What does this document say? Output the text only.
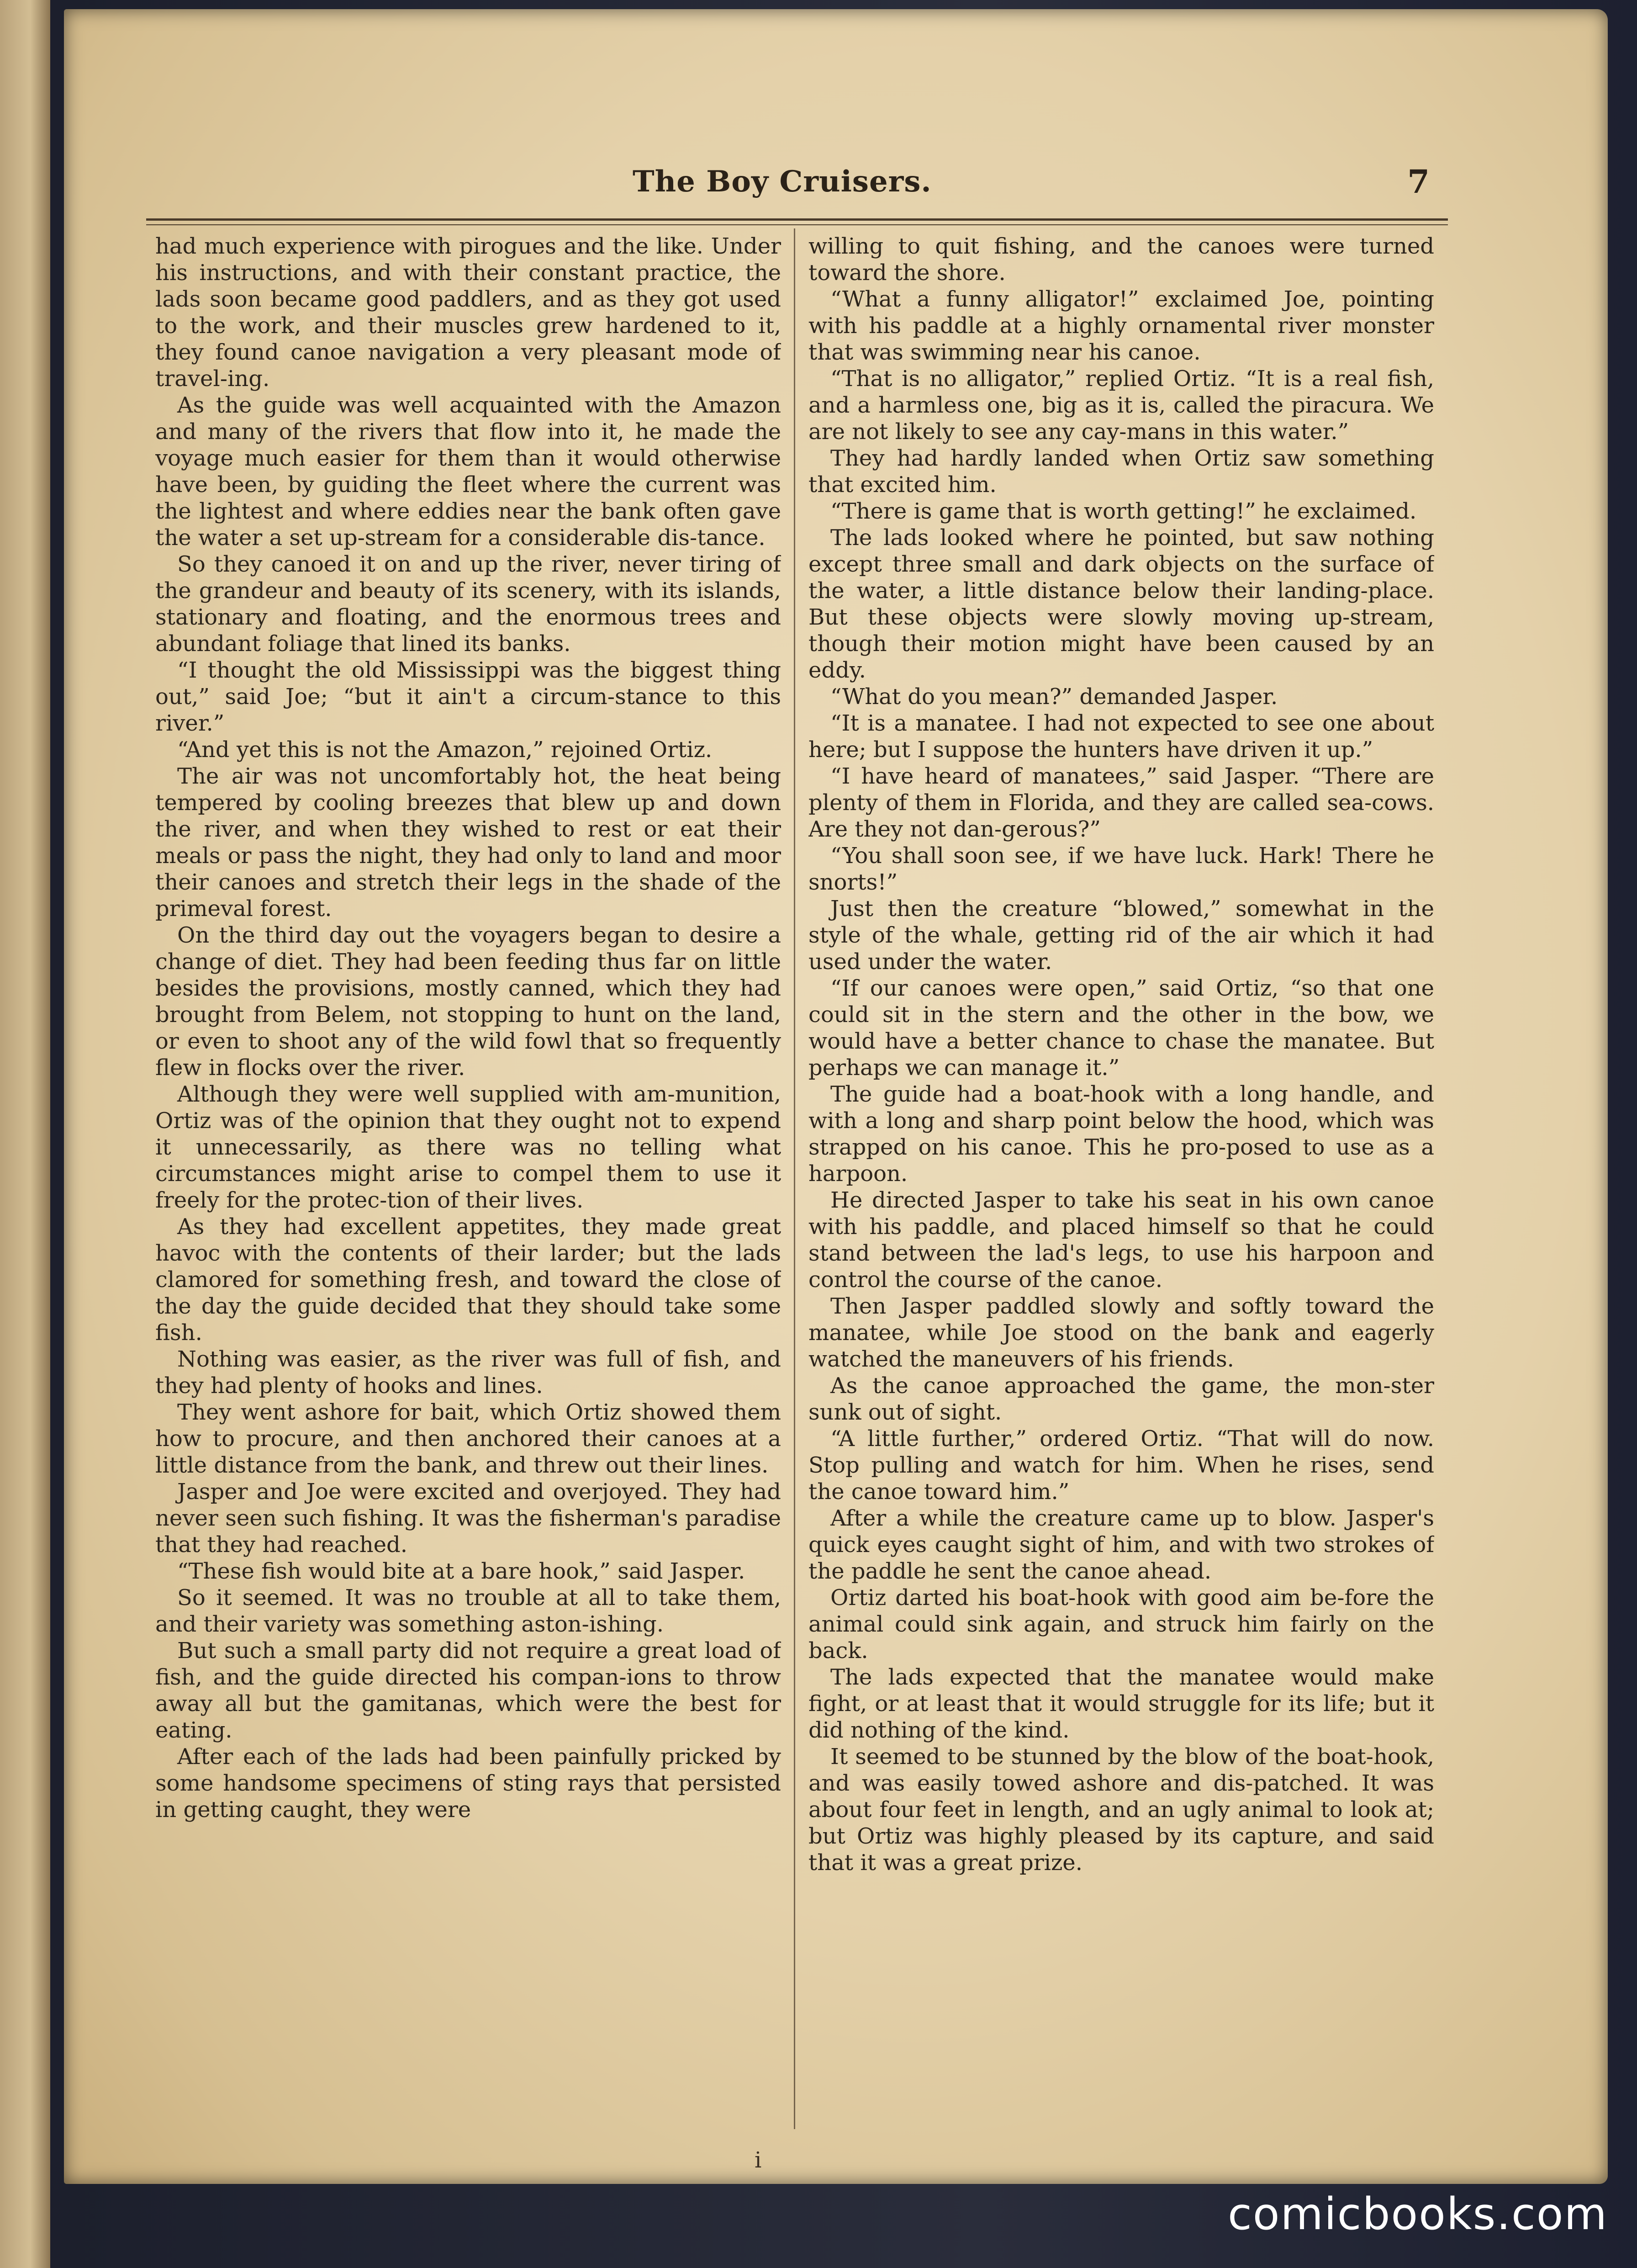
The Boy Cruisers.	7

had much experience with pirogues and the like. Under his instructions, and with their constant practice, the lads soon became good paddlers, and as they got used to the work, and their muscles grew hardened to it, they found canoe navigation a very pleasant mode of travel-ing.

As the guide was well acquainted with the Amazon and many of the rivers that flow into it, he made the voyage much easier for them than it would otherwise have been, by guiding the fleet where the current was the lightest and where eddies near the bank often gave the water a set up-stream for a considerable dis-tance.

So they canoed it on and up the river, never tiring of the grandeur and beauty of its scenery, with its islands, stationary and floating, and the enormous trees and abundant foliage that lined its banks.

“I thought the old Mississippi was the biggest thing out,” said Joe; “but it ain't a circum-stance to this river.”

“And yet this is not the Amazon,” rejoined Ortiz.

The air was not uncomfortably hot, the heat being tempered by cooling breezes that blew up and down the river, and when they wished to rest or eat their meals or pass the night, they had only to land and moor their canoes and stretch their legs in the shade of the primeval forest.

On the third day out the voyagers began to desire a change of diet. They had been feeding thus far on little besides the provisions, mostly canned, which they had brought from Belem, not stopping to hunt on the land, or even to shoot any of the wild fowl that so frequently flew in flocks over the river.

Although they were well supplied with am-munition, Ortiz was of the opinion that they ought not to expend it unnecessarily, as there was no telling what circumstances might arise to compel them to use it freely for the protec-tion of their lives.

As they had excellent appetites, they made great havoc with the contents of their larder; but the lads clamored for something fresh, and toward the close of the day the guide decided that they should take some fish.

Nothing was easier, as the river was full of fish, and they had plenty of hooks and lines.

They went ashore for bait, which Ortiz showed them how to procure, and then anchored their canoes at a little distance from the bank, and threw out their lines.

Jasper and Joe were excited and overjoyed. They had never seen such fishing. It was the fisherman's paradise that they had reached.

“These fish would bite at a bare hook,” said Jasper.

So it seemed. It was no trouble at all to take them, and their variety was something aston-ishing.

But such a small party did not require a great load of fish, and the guide directed his compan-ions to throw away all but the gamitanas, which were the best for eating.

After each of the lads had been painfully pricked by some handsome specimens of sting rays that persisted in getting caught, they were

willing to quit fishing, and the canoes were turned toward the shore.

“What a funny alligator!” exclaimed Joe, pointing with his paddle at a highly ornamental river monster that was swimming near his canoe.

“That is no alligator,” replied Ortiz. “It is a real fish, and a harmless one, big as it is, called the piracura. We are not likely to see any cay-mans in this water.”

They had hardly landed when Ortiz saw something that excited him.

“There is game that is worth getting!” he exclaimed.

The lads looked where he pointed, but saw nothing except three small and dark objects on the surface of the water, a little distance below their landing-place. But these objects were slowly moving up-stream, though their motion might have been caused by an eddy.

“What do you mean?” demanded Jasper.

“It is a manatee. I had not expected to see one about here; but I suppose the hunters have driven it up.”

“I have heard of manatees,” said Jasper. “There are plenty of them in Florida, and they are called sea-cows. Are they not dan-gerous?”

“You shall soon see, if we have luck. Hark! There he snorts!”

Just then the creature “blowed,” somewhat in the style of the whale, getting rid of the air which it had used under the water.

“If our canoes were open,” said Ortiz, “so that one could sit in the stern and the other in the bow, we would have a better chance to chase the manatee. But perhaps we can manage it.”

The guide had a boat-hook with a long handle, and with a long and sharp point below the hood, which was strapped on his canoe. This he pro-posed to use as a harpoon.

He directed Jasper to take his seat in his own canoe with his paddle, and placed himself so that he could stand between the lad's legs, to use his harpoon and control the course of the canoe.

Then Jasper paddled slowly and softly toward the manatee, while Joe stood on the bank and eagerly watched the maneuvers of his friends.

As the canoe approached the game, the mon-ster sunk out of sight.

“A little further,” ordered Ortiz. “That will do now. Stop pulling and watch for him. When he rises, send the canoe toward him.”

After a while the creature came up to blow. Jasper's quick eyes caught sight of him, and with two strokes of the paddle he sent the canoe ahead.

Ortiz darted his boat-hook with good aim be-fore the animal could sink again, and struck him fairly on the back.

The lads expected that the manatee would make fight, or at least that it would struggle for its life; but it did nothing of the kind.

It seemed to be stunned by the blow of the boat-hook, and was easily towed ashore and dis-patched. It was about four feet in length, and an ugly animal to look at; but Ortiz was highly pleased by its capture, and said that it was a great prize.

i
comicbooks.com
